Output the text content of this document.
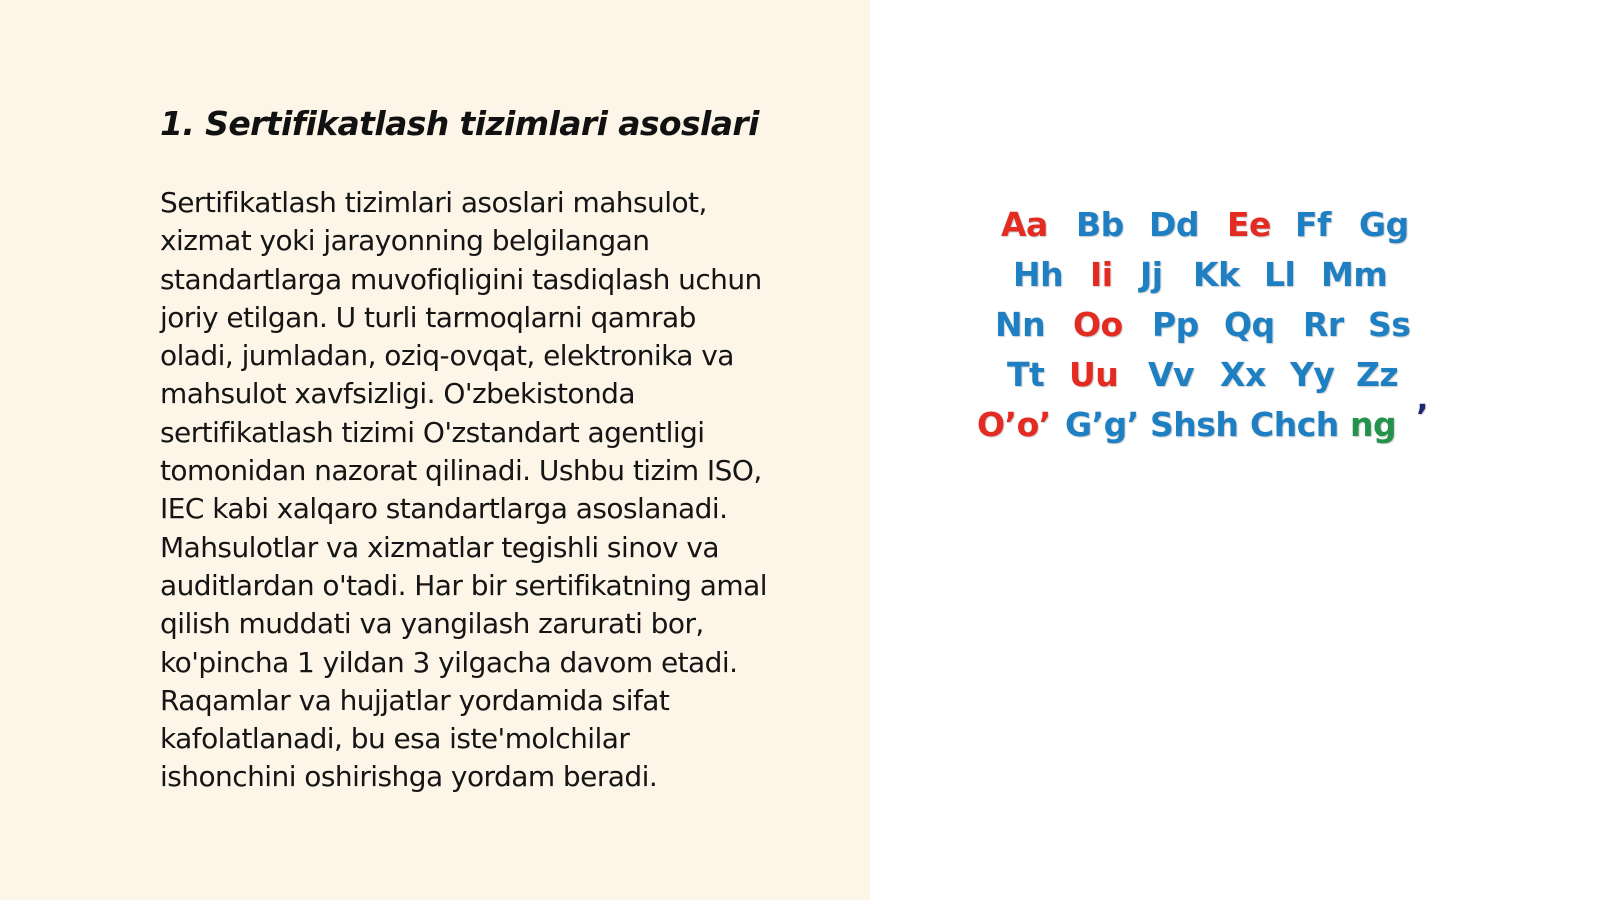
1. Sertifikatlash tizimlari asoslari

Sertifikatlash tizimlari asoslari mahsulot,
xizmat yoki jarayonning belgilangan
standartlarga muvofiqligini tasdiqlash uchun
joriy etilgan. U turli tarmoqlarni qamrab
oladi, jumladan, oziq-ovqat, elektronika va
mahsulot xavfsizligi. O'zbekistonda
sertifikatlash tizimi O'zstandart agentligi
tomonidan nazorat qilinadi. Ushbu tizim ISO,
IEC kabi xalqaro standartlarga asoslanadi.
Mahsulotlar va xizmatlar tegishli sinov va
auditlardan o'tadi. Har bir sertifikatning amal
qilish muddati va yangilash zarurati bor,
ko'pincha 1 yildan 3 yilgacha davom etadi.
Raqamlar va hujjatlar yordamida sifat
kafolatlanadi, bu esa iste'molchilar
ishonchini oshirishga yordam beradi.

Aa Bb Dd Ee Ff Gg
Hh Ii Jj Kk Ll Mm
Nn Oo Pp Qq Rr Ss
Tt Uu Vv Xx Yy Zz
O’o’ G’g’ Shsh Chch ng ’
